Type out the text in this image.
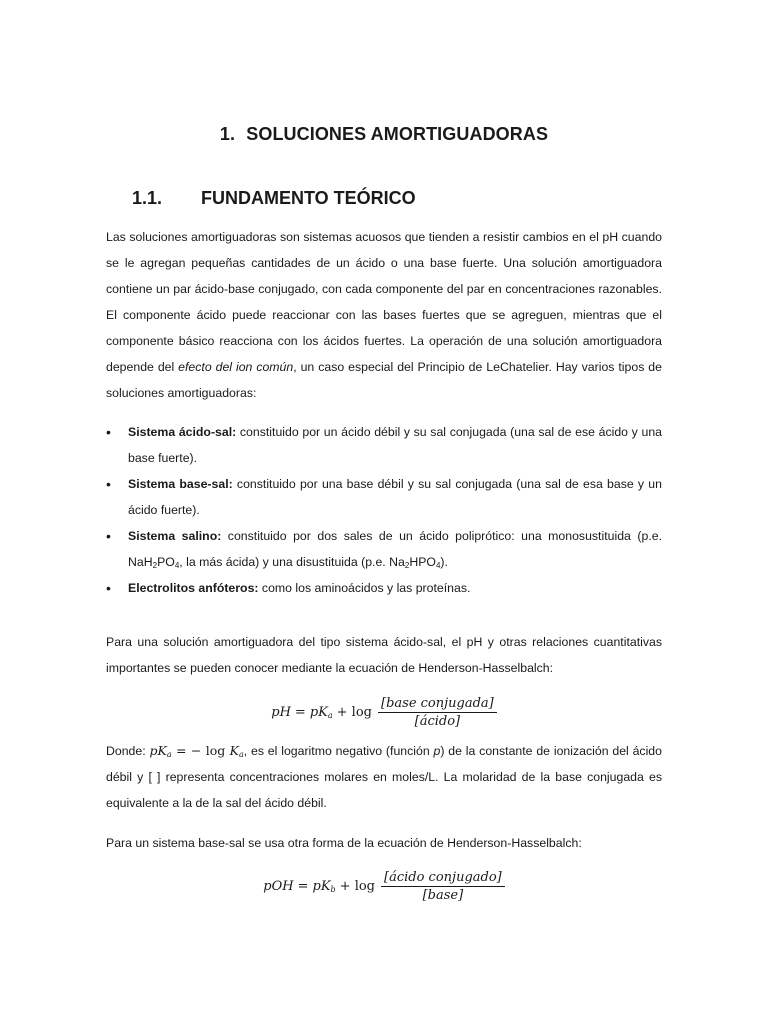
1. SOLUCIONES AMORTIGUADORAS
1.1. FUNDAMENTO TEÓRICO

Las soluciones amortiguadoras son sistemas acuosos que tienden a resistir cambios en el pH cuando se le agregan pequeñas cantidades de un ácido o una base fuerte. Una solución amortiguadora contiene un par ácido-base conjugado, con cada componente del par en concentraciones razonables. El componente ácido puede reaccionar con las bases fuertes que se agreguen, mientras que el componente básico reacciona con los ácidos fuertes. La operación de una solución amortiguadora depende del efecto del ion común, un caso especial del Principio de LeChatelier. Hay varios tipos de soluciones amortiguadoras:

• Sistema ácido-sal: constituido por un ácido débil y su sal conjugada (una sal de ese ácido y una base fuerte).
• Sistema base-sal: constituido por una base débil y su sal conjugada (una sal de esa base y un ácido fuerte).
• Sistema salino: constituido por dos sales de un ácido poliprótico: una monosustituida (p.e. $NaH_2PO_4$, la más ácida) y una disustituida (p.e. $Na_2HPO_4$).
• Electrolitos anfóteros: como los aminoácidos y las proteínas.

Para una solución amortiguadora del tipo sistema ácido-sal, el pH y otras relaciones cuantitativas importantes se pueden conocer mediante la ecuación de Henderson-Hasselbalch:

pH = $pK_a + \log \frac{\text{[base conjugada]}}{\text{[ácido]}}$

Donde: $pK_a$ = − $\log K_a$, es el logaritmo negativo (función p) de la constante de ionización del ácido débil y [ ] representa concentraciones molares en moles/L. La molaridad de la base conjugada es equivalente a la de la sal del ácido débil.

Para un sistema base-sal se usa otra forma de la ecuación de Henderson-Hasselbalch:

pOH = $pK_b + \log \frac{\text{[ácido conjugado]}}{\text{[base]}}$
